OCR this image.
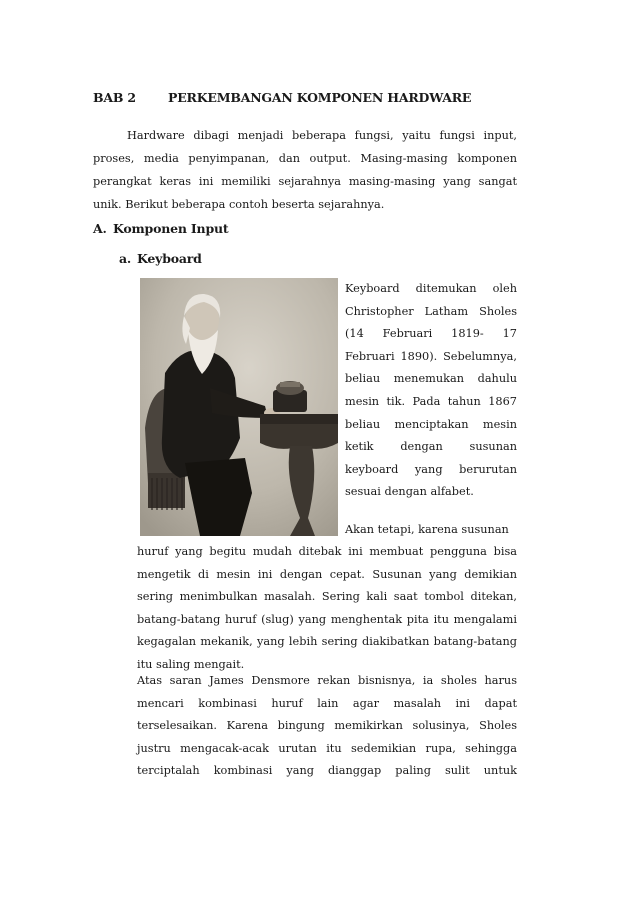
BAB 2	PERKEMBANGAN KOMPONEN HARDWARE

Hardware dibagi menjadi beberapa fungsi, yaitu fungsi input, proses, media penyimpanan, dan output. Masing-masing komponen perangkat keras ini memiliki sejarahnya masing-masing yang sangat unik. Berikut beberapa contoh beserta sejarahnya.

A. Komponen Input
a. Keyboard

Keyboard ditemukan oleh Christopher Latham Sholes (14 Februari 1819- 17 Februari 1890). Sebelumnya, beliau menemukan dahulu mesin tik. Pada tahun 1867 beliau menciptakan mesin ketik dengan susunan keyboard yang berurutan sesuai dengan alfabet.

Akan tetapi, karena susunan

huruf yang begitu mudah ditebak ini membuat pengguna bisa mengetik di mesin ini dengan cepat. Susunan yang demikian sering menimbulkan masalah. Sering kali saat tombol ditekan, batang-batang huruf (slug) yang menghentak pita itu mengalami kegagalan mekanik, yang lebih sering diakibatkan batang-batang itu saling mengait.

Atas saran James Densmore rekan bisnisnya, ia sholes harus mencari kombinasi huruf lain agar masalah ini dapat terselesaikan. Karena bingung memikirkan solusinya, Sholes justru mengacak-acak urutan itu sedemikian rupa, sehingga terciptalah kombinasi yang dianggap paling sulit untuk
